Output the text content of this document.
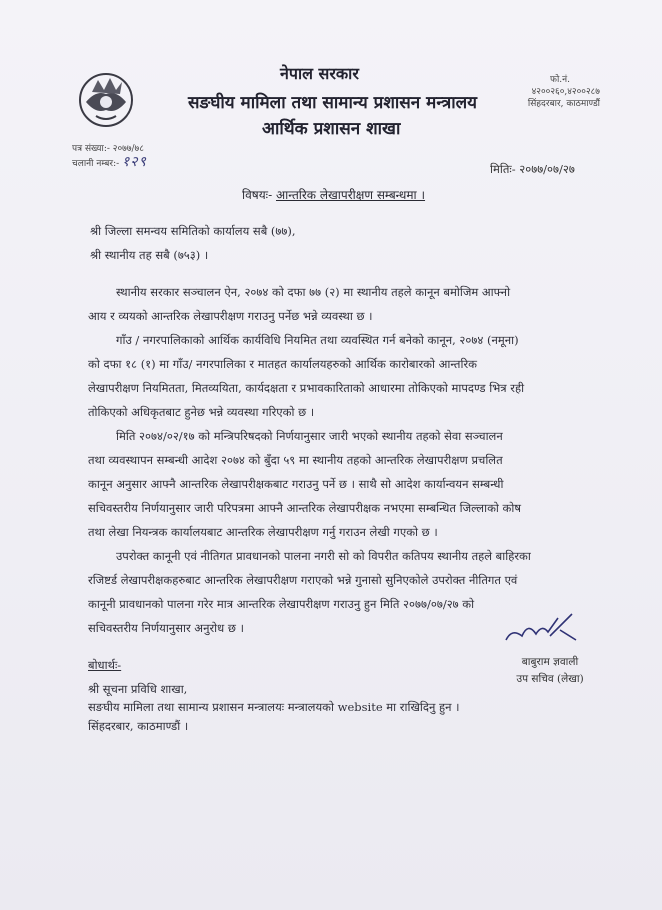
नेपाल सरकार
सङघीय मामिला तथा सामान्य प्रशासन मन्त्रालय
आर्थिक प्रशासन शाखा
फो.नं.
४२००२६०,४२००२८७
सिंहदरबार, काठमाण्डौं
पत्र संख्या:- २०७७/७८
चलानी नम्बर:- १२९	मितिः- २०७७/०७/२७
विषयः- आन्तरिक लेखापरीक्षण सम्बन्धमा ।
श्री जिल्ला समन्वय समितिको कार्यालय सबै (७७),
श्री स्थानीय तह सबै (७५३) ।
स्थानीय सरकार सञ्चालन ऐन, २०७४ को दफा ७७ (२) मा स्थानीय तहले कानून बमोजिम आफ्नो
आय र व्ययको आन्तरिक लेखापरीक्षण गराउनु पर्नेछ भन्ने व्यवस्था छ ।
गाँउ / नगरपालिकाको आर्थिक कार्यविधि नियमित तथा व्यवस्थित गर्न बनेको कानून, २०७४ (नमूना)
को दफा १८ (१) मा गाँउ/ नगरपालिका र मातहत कार्यालयहरुको आर्थिक कारोबारको आन्तरिक
लेखापरीक्षण नियमितता, मितव्ययिता, कार्यदक्षता र प्रभावकारिताको आधारमा तोकिएको मापदण्ड भित्र रही
तोकिएको अधिकृतबाट हुनेछ भन्ने व्यवस्था गरिएको छ ।
मिति २०७४/०२/१७ को मन्त्रिपरिषदको निर्णयानुसार जारी भएको स्थानीय तहको सेवा सञ्चालन
तथा व्यवस्थापन सम्बन्धी आदेश २०७४ को बुँदा ५९ मा स्थानीय तहको आन्तरिक लेखापरीक्षण प्रचलित
कानून अनुसार आफ्नै आन्तरिक लेखापरीक्षकबाट गराउनु पर्ने छ । साथै सो आदेश कार्यान्वयन सम्बन्धी
सचिवस्तरीय निर्णयानुसार जारी परिपत्रमा आफ्नै आन्तरिक लेखापरीक्षक नभएमा सम्बन्धित जिल्लाको कोष
तथा लेखा नियन्त्रक कार्यालयबाट आन्तरिक लेखापरीक्षण गर्नु गराउन लेखी गएको छ ।
उपरोक्त कानूनी एवं नीतिगत प्रावधानको पालना नगरी सो को विपरीत कतिपय स्थानीय तहले बाहिरका
रजिष्टर्ड लेखापरीक्षकहरुबाट आन्तरिक लेखापरीक्षण गराएको भन्ने गुनासो सुनिएकोले उपरोक्त नीतिगत एवं
कानूनी प्रावधानको पालना गरेर मात्र आन्तरिक लेखापरीक्षण गराउनु हुन मिति २०७७/०७/२७ को
सचिवस्तरीय निर्णयानुसार अनुरोध छ ।
बाबुराम ज्ञवाली
उप सचिव (लेखा)
बोधार्थः-
श्री सूचना प्रविधि शाखा,
सङघीय मामिला तथा सामान्य प्रशासन मन्त्रालयः मन्त्रालयको website मा राखिदिनु हुन ।
सिंहदरबार, काठमाण्डौं ।
